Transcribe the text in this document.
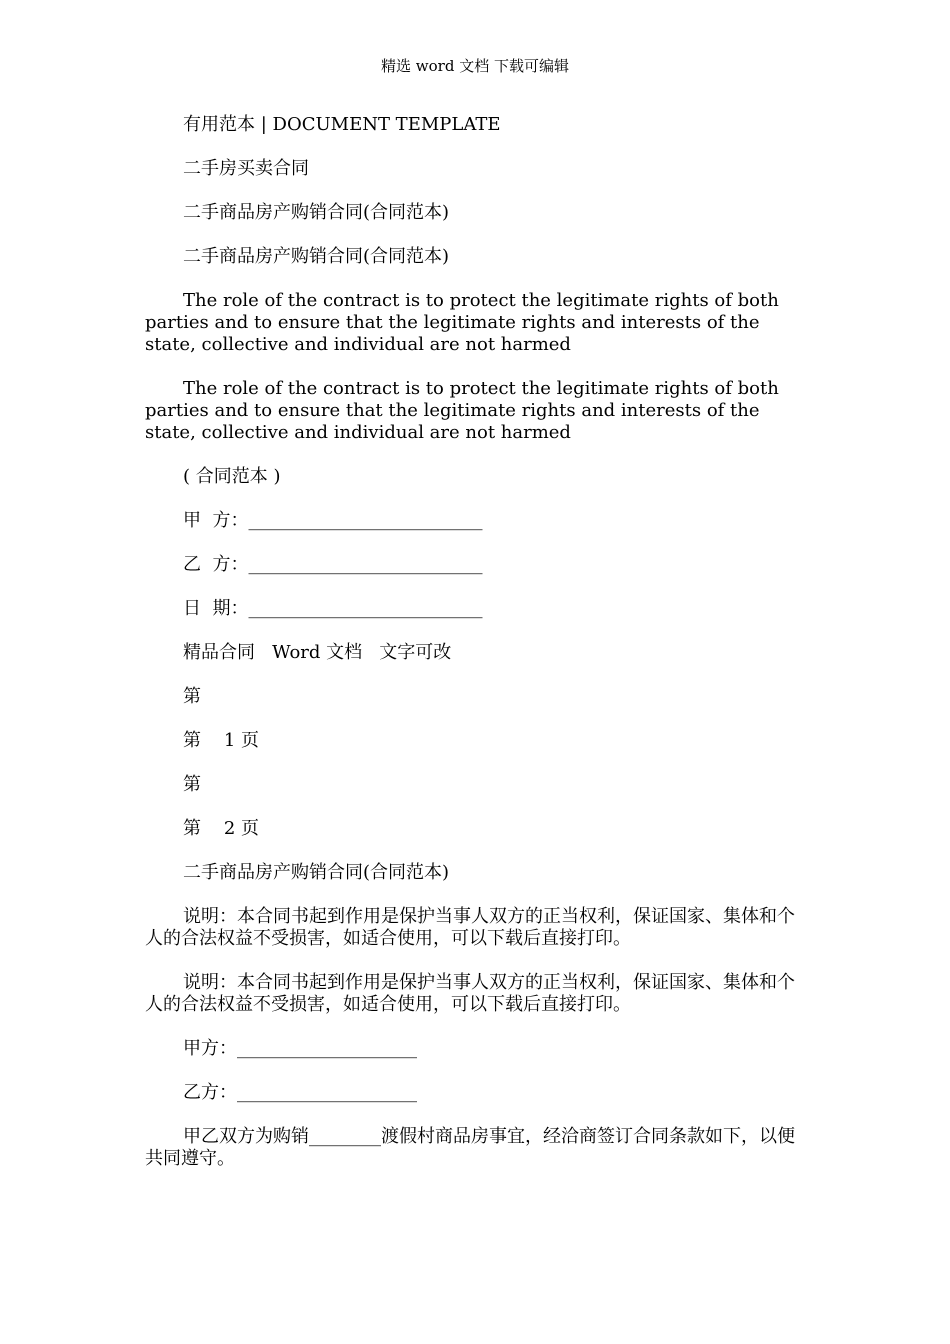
精选 word 文档 下载可编辑

有用范本 | DOCUMENT TEMPLATE

二手房买卖合同

二手商品房产购销合同(合同范本)

二手商品房产购销合同(合同范本)

The role of the contract is to protect the legitimate rights of both parties and to ensure that the legitimate rights and interests of the state, collective and individual are not harmed

The role of the contract is to protect the legitimate rights of both parties and to ensure that the legitimate rights and interests of the state, collective and individual are not harmed

( 合同范本 )

甲  方：__________________________

乙  方：__________________________

日  期：__________________________

精品合同   Word 文档   文字可改

第

第    1 页

第

第    2 页

二手商品房产购销合同(合同范本)

说明：本合同书起到作用是保护当事人双方的正当权利，保证国家、集体和个人的合法权益不受损害，如适合使用，可以下载后直接打印。

说明：本合同书起到作用是保护当事人双方的正当权利，保证国家、集体和个人的合法权益不受损害，如适合使用，可以下载后直接打印。

甲方：____________________

乙方：____________________

甲乙双方为购销________渡假村商品房事宜，经洽商签订合同条款如下，以便共同遵守。
